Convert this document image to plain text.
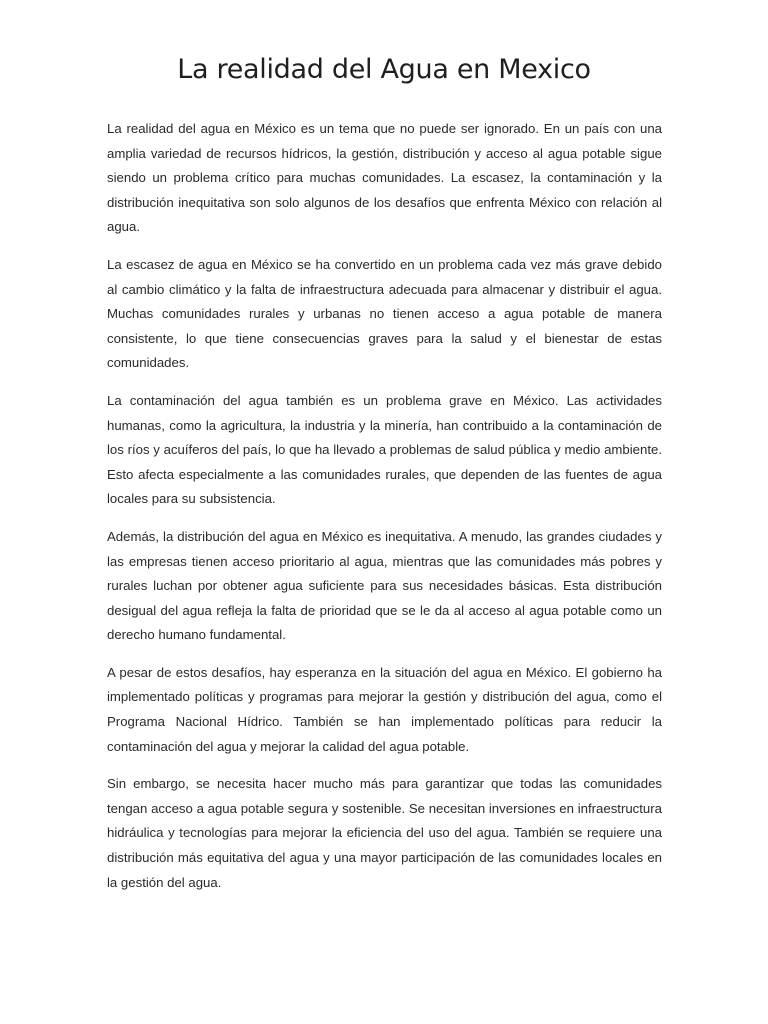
La realidad del Agua en Mexico

La realidad del agua en México es un tema que no puede ser ignorado. En un país con una amplia variedad de recursos hídricos, la gestión, distribución y acceso al agua potable sigue siendo un problema crítico para muchas comunidades. La escasez, la contaminación y la distribución inequitativa son solo algunos de los desafíos que enfrenta México con relación al agua.

La escasez de agua en México se ha convertido en un problema cada vez más grave debido al cambio climático y la falta de infraestructura adecuada para almacenar y distribuir el agua. Muchas comunidades rurales y urbanas no tienen acceso a agua potable de manera consistente, lo que tiene consecuencias graves para la salud y el bienestar de estas comunidades.

La contaminación del agua también es un problema grave en México. Las actividades humanas, como la agricultura, la industria y la minería, han contribuido a la contaminación de los ríos y acuíferos del país, lo que ha llevado a problemas de salud pública y medio ambiente. Esto afecta especialmente a las comunidades rurales, que dependen de las fuentes de agua locales para su subsistencia.

Además, la distribución del agua en México es inequitativa. A menudo, las grandes ciudades y las empresas tienen acceso prioritario al agua, mientras que las comunidades más pobres y rurales luchan por obtener agua suficiente para sus necesidades básicas. Esta distribución desigual del agua refleja la falta de prioridad que se le da al acceso al agua potable como un derecho humano fundamental.

A pesar de estos desafíos, hay esperanza en la situación del agua en México. El gobierno ha implementado políticas y programas para mejorar la gestión y distribución del agua, como el Programa Nacional Hídrico. También se han implementado políticas para reducir la contaminación del agua y mejorar la calidad del agua potable.

Sin embargo, se necesita hacer mucho más para garantizar que todas las comunidades tengan acceso a agua potable segura y sostenible. Se necesitan inversiones en infraestructura hidráulica y tecnologías para mejorar la eficiencia del uso del agua. También se requiere una distribución más equitativa del agua y una mayor participación de las comunidades locales en la gestión del agua.
